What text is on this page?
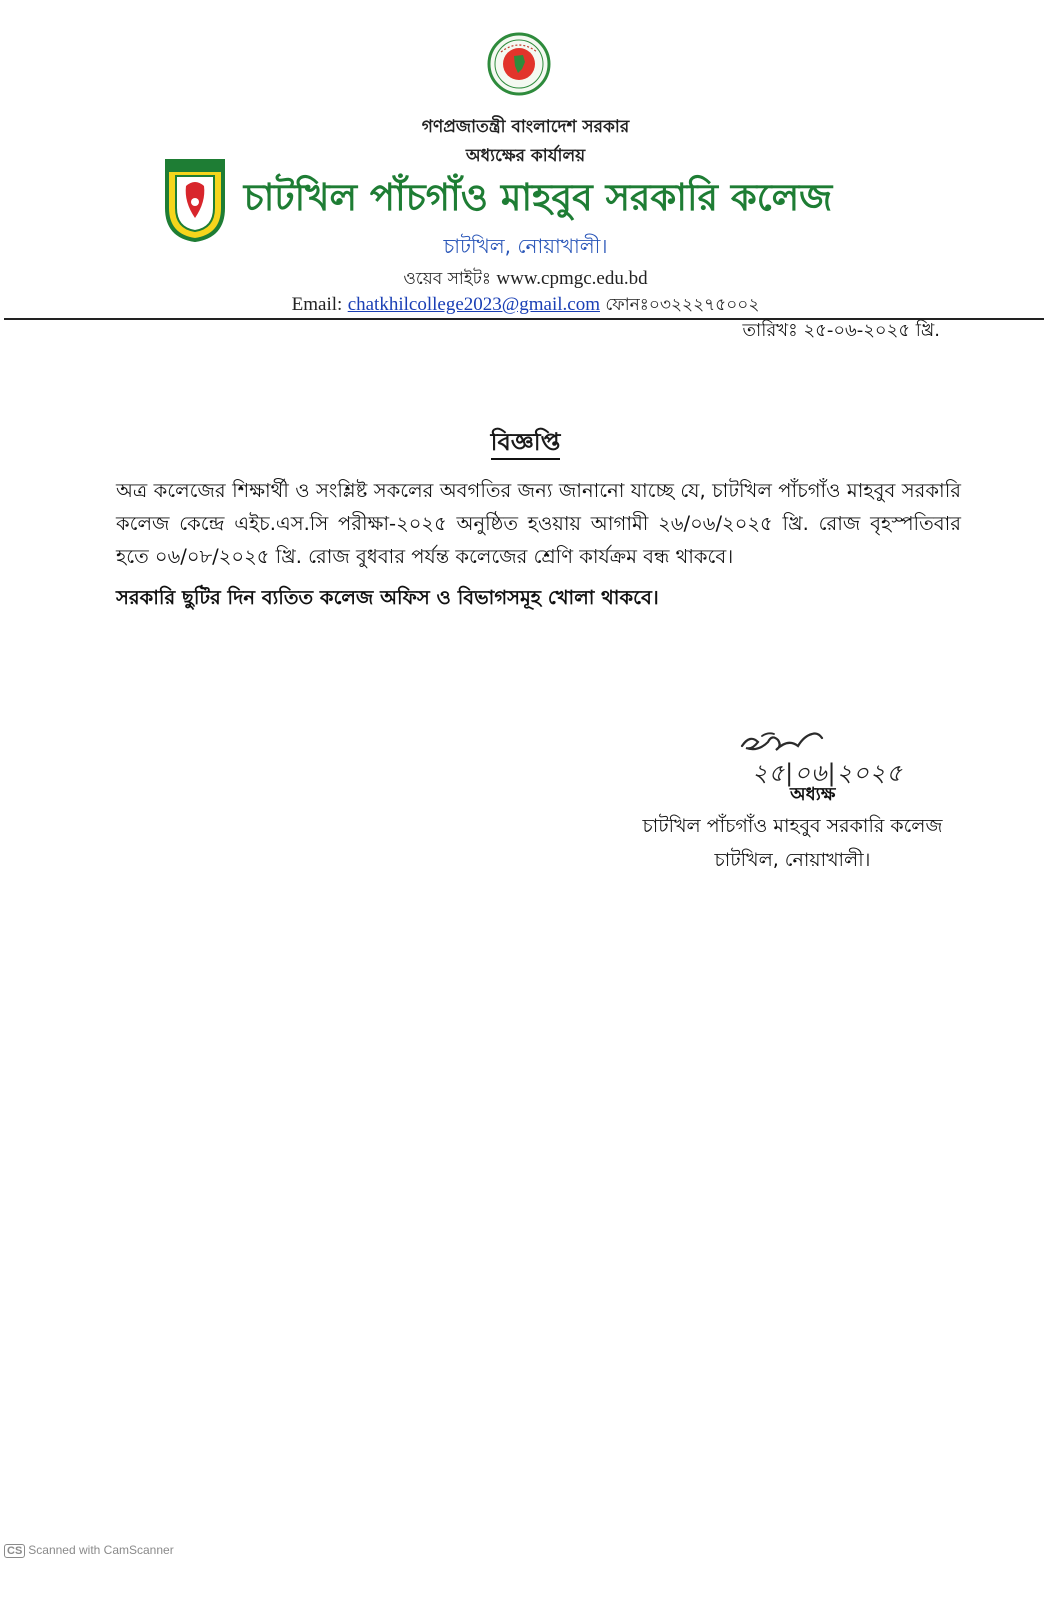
গণপ্রজাতন্ত্রী বাংলাদেশ সরকার
অধ্যক্ষের কার্যালয়
চাটখিল পাঁচগাঁও মাহবুব সরকারি কলেজ
চাটখিল, নোয়াখালী।
ওয়েব সাইটঃ www.cpmgc.edu.bd
Email: chatkhilcollege2023@gmail.com ফোনঃ০৩২২২৭৫০০২
তারিখঃ ২৫-০৬-২০২৫ খ্রি.
বিজ্ঞপ্তি
অত্র কলেজের শিক্ষার্থী ও সংশ্লিষ্ট সকলের অবগতির জন্য জানানো যাচ্ছে যে, চাটখিল পাঁচগাঁও মাহবুব সরকারি কলেজ কেন্দ্রে এইচ.এস.সি পরীক্ষা-২০২৫ অনুষ্ঠিত হওয়ায় আগামী ২৬/০৬/২০২৫ খ্রি. রোজ বৃহস্পতিবার হতে ০৬/০৮/২০২৫ খ্রি. রোজ বুধবার পর্যন্ত কলেজের শ্রেণি কার্যক্রম বন্ধ থাকবে।
সরকারি ছুটির দিন ব্যতিত কলেজ অফিস ও বিভাগসমূহ খোলা থাকবে।
২৫|০৬|২০২৫
অধ্যক্ষ
চাটখিল পাঁচগাঁও মাহবুব সরকারি কলেজ
চাটখিল, নোয়াখালী।
CS Scanned with CamScanner
